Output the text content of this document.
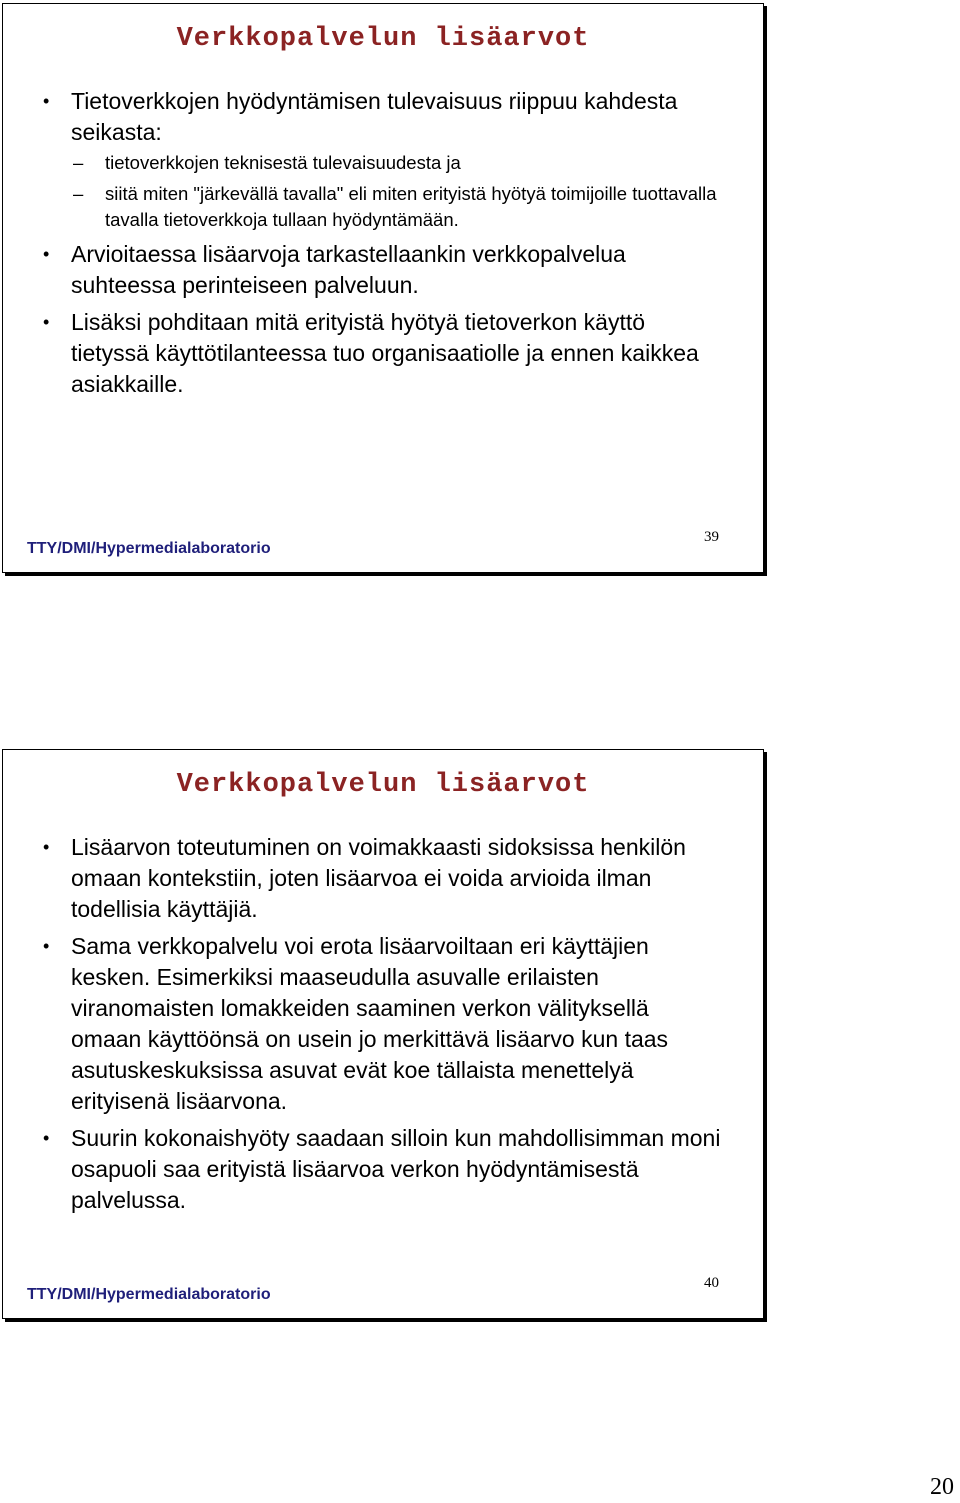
Verkkopalvelun lisäarvot
• Tietoverkkojen hyödyntämisen tulevaisuus riippuu kahdesta seikasta:
– tietoverkkojen teknisestä tulevaisuudesta ja
– siitä miten "järkevällä tavalla" eli miten erityistä hyötyä toimijoille tuottavalla tavalla tietoverkkoja tullaan hyödyntämään.
• Arvioitaessa lisäarvoja tarkastellaankin verkkopalvelua suhteessa perinteiseen palveluun.
• Lisäksi pohditaan mitä erityistä hyötyä tietoverkon käyttö tietyssä käyttötilanteessa tuo organisaatiolle ja ennen kaikkea asiakkaille.
TTY/DMI/Hypermedialaboratorio
39
Verkkopalvelun lisäarvot
• Lisäarvon toteutuminen on voimakkaasti sidoksissa henkilön omaan kontekstiin, joten lisäarvoa ei voida arvioida ilman todellisia käyttäjiä.
• Sama verkkopalvelu voi erota lisäarvoiltaan eri käyttäjien kesken. Esimerkiksi maaseudulla asuvalle erilaisten viranomaisten lomakkeiden saaminen verkon välityksellä omaan käyttöönsä on usein jo merkittävä lisäarvo kun taas asutuskeskuksissa asuvat evät koe tällaista menettelyä erityisenä lisäarvona.
• Suurin kokonaishyöty saadaan silloin kun mahdollisimman moni osapuoli saa erityistä lisäarvoa verkon hyödyntämisestä palvelussa.
TTY/DMI/Hypermedialaboratorio
40
20
